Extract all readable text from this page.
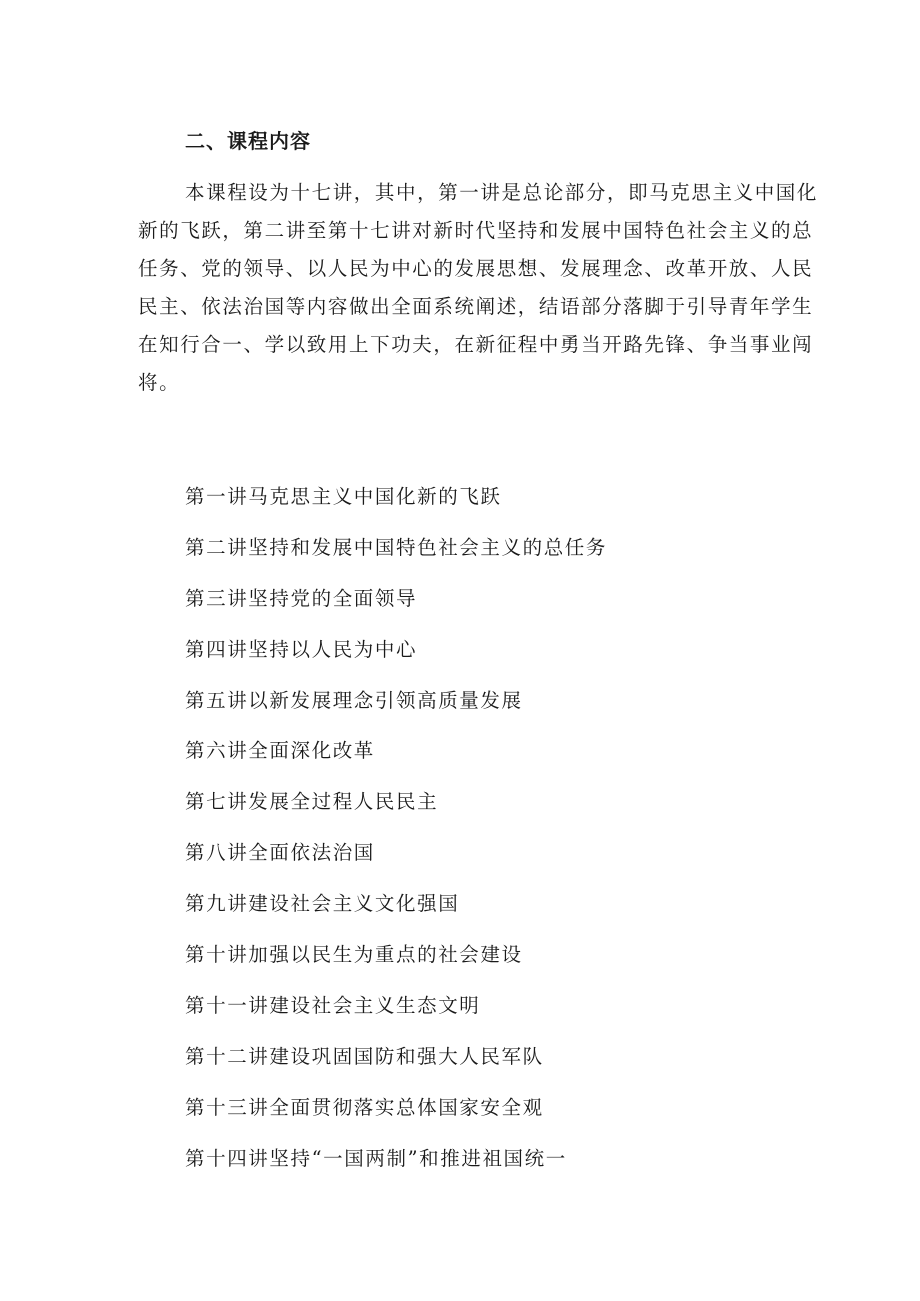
二、课程内容
本课程设为十七讲，其中，第一讲是总论部分，即马克思主义中国化
新的飞跃，第二讲至第十七讲对新时代坚持和发展中国特色社会主义的总
任务、党的领导、以人民为中心的发展思想、发展理念、改革开放、人民
民主、依法治国等内容做出全面系统阐述，结语部分落脚于引导青年学生
在知行合一、学以致用上下功夫，在新征程中勇当开路先锋、争当事业闯
将。
第一讲马克思主义中国化新的飞跃
第二讲坚持和发展中国特色社会主义的总任务
第三讲坚持党的全面领导
第四讲坚持以人民为中心
第五讲以新发展理念引领高质量发展
第六讲全面深化改革
第七讲发展全过程人民民主
第八讲全面依法治国
第九讲建设社会主义文化强国
第十讲加强以民生为重点的社会建设
第十一讲建设社会主义生态文明
第十二讲建设巩固国防和强大人民军队
第十三讲全面贯彻落实总体国家安全观
第十四讲坚持“一国两制”和推进祖国统一
